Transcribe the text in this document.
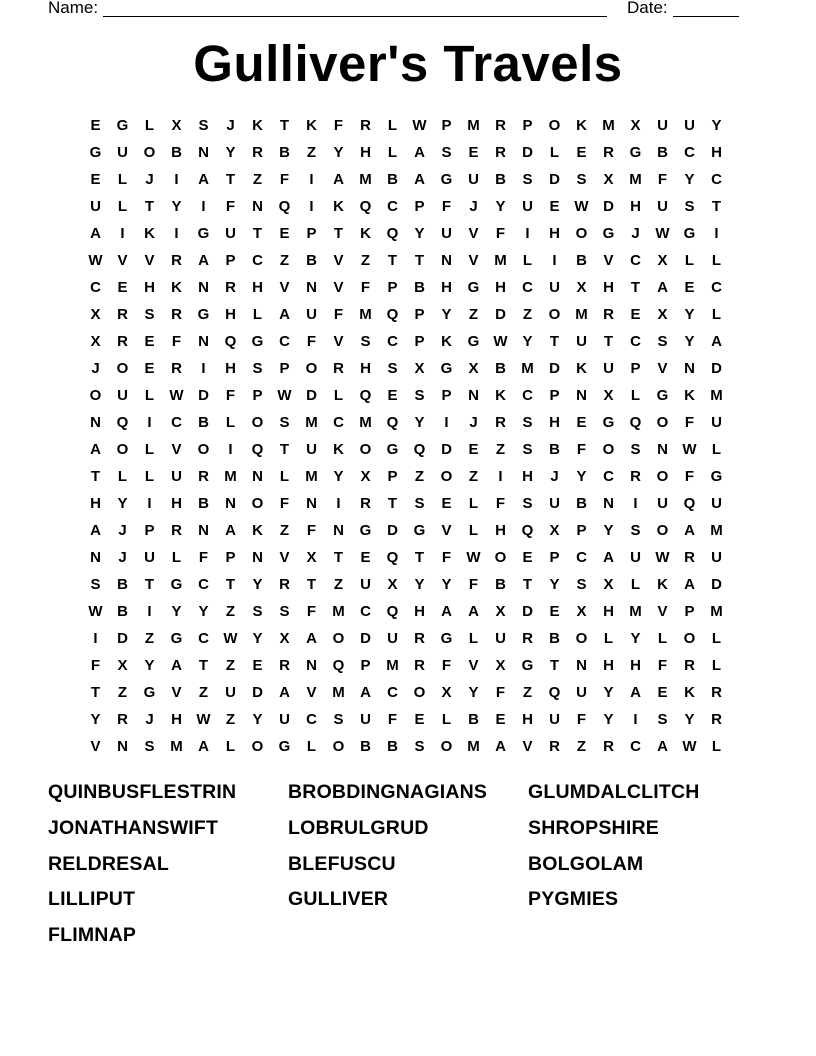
Name:	Date:
Gulliver's Travels
E	G	L	X	S	J	K	T	K	F	R	L	W P	M	R	P	O	K	M	X	U	U	Y
G	U	O	B	N	Y	R	B	Z	Y	H	L	A	S	E	R	D	L	E	R	G	B	C	H
E	L	J	I	A	T	Z	F	I	A	M	B	A	G	U	B	S	D	S	X	M	F	Y	C
U	L	T	Y	I	F	N	Q	I	K	Q	C	P	F	J	Y	U	E W D	H	U	S	T
A	I	K	I	G	U	T	E	P	T	K	Q	Y	U	V	F	I	H	O	G	J	W G	I
W V	V	R	A	P	C	Z	B	V	Z	T	T	N	V	M	L	I	B	V	C	X	L	L
C	E	H	K	N	R	H	V	N	V	F	P	B	H	G	H	C	U	X	H	T	A	E	C
X	R	S	R	G	H	L	A	U	F	M Q	P	Y	Z	D	Z	O M	R	E	X	Y	L
X	R	E	F	N	Q	G	C	F	V	S	C	P	K	G W Y	T	U	T	C	S	Y	A
J	O	E	R	I	H	S	P	O	R	H	S	X	G	X	B	M	D	K	U	P	V	N	D
O	U	L	W D	F	P W D	L	Q	E	S	P	N	K	C	P	N	X	L	G	K	M
N	Q	I	C	B	L	O	S	M	C	M Q	Y	I	J	R	S	H	E	G	Q	O	F	U
A	O	L	V	O	I	Q	T	U	K	O	G	Q	D	E	Z	S	B	F	O	S	N W	L
T	L	L	U	R	M	N	L	M	Y	X	P	Z	O	Z	I	H	J	Y	C	R	O	F	G
H	Y	I	H	B	N	O	F	N	I	R	T	S	E	L	F	S	U	B	N	I	U	Q	U
A	J	P	R	N	A	K	Z	F	N	G	D	G	V	L	H	Q	X	P	Y	S	O	A	M
N	J	U	L	F	P	N	V	X	T	E	Q	T	F	W O	E	P	C	A	U W R	U
S	B	T	G	C	T	Y	R	T	Z	U	X	Y	Y	F	B	T	Y	S	X	L	K	A	D
W B	I	Y	Y	Z	S	S	F	M	C	Q	H	A	A	X	D	E	X	H	M	V	P	M
I	D	Z	G	C W Y	X	A	O	D	U	R	G	L	U	R	B	O	L	Y	L	O	L
F	X	Y	A	T	Z	E	R	N	Q	P	M	R	F	V	X	G	T	N	H	H	F	R	L
T	Z	G	V	Z	U	D	A	V	M	A	C	O	X	Y	F	Z	Q	U	Y	A	E	K	R
Y	R	J	H W	Z	Y	U	C	S	U	F	E	L	B	E	H	U	F	Y	I	S	Y	R
V	N	S	M	A	L	O	G	L	O	B	B	S	O M	A	V	R	Z	R	C	A W	L
QUINBUSFLESTRIN	BROBDINGNAGIANS	GLUMDALCLITCH
JONATHANSWIFT	LOBRULGRUD	SHROPSHIRE
RELDRESAL	BLEFUSCU	BOLGOLAM
LILLIPUT	GULLIVER	PYGMIES
FLIMNAP
